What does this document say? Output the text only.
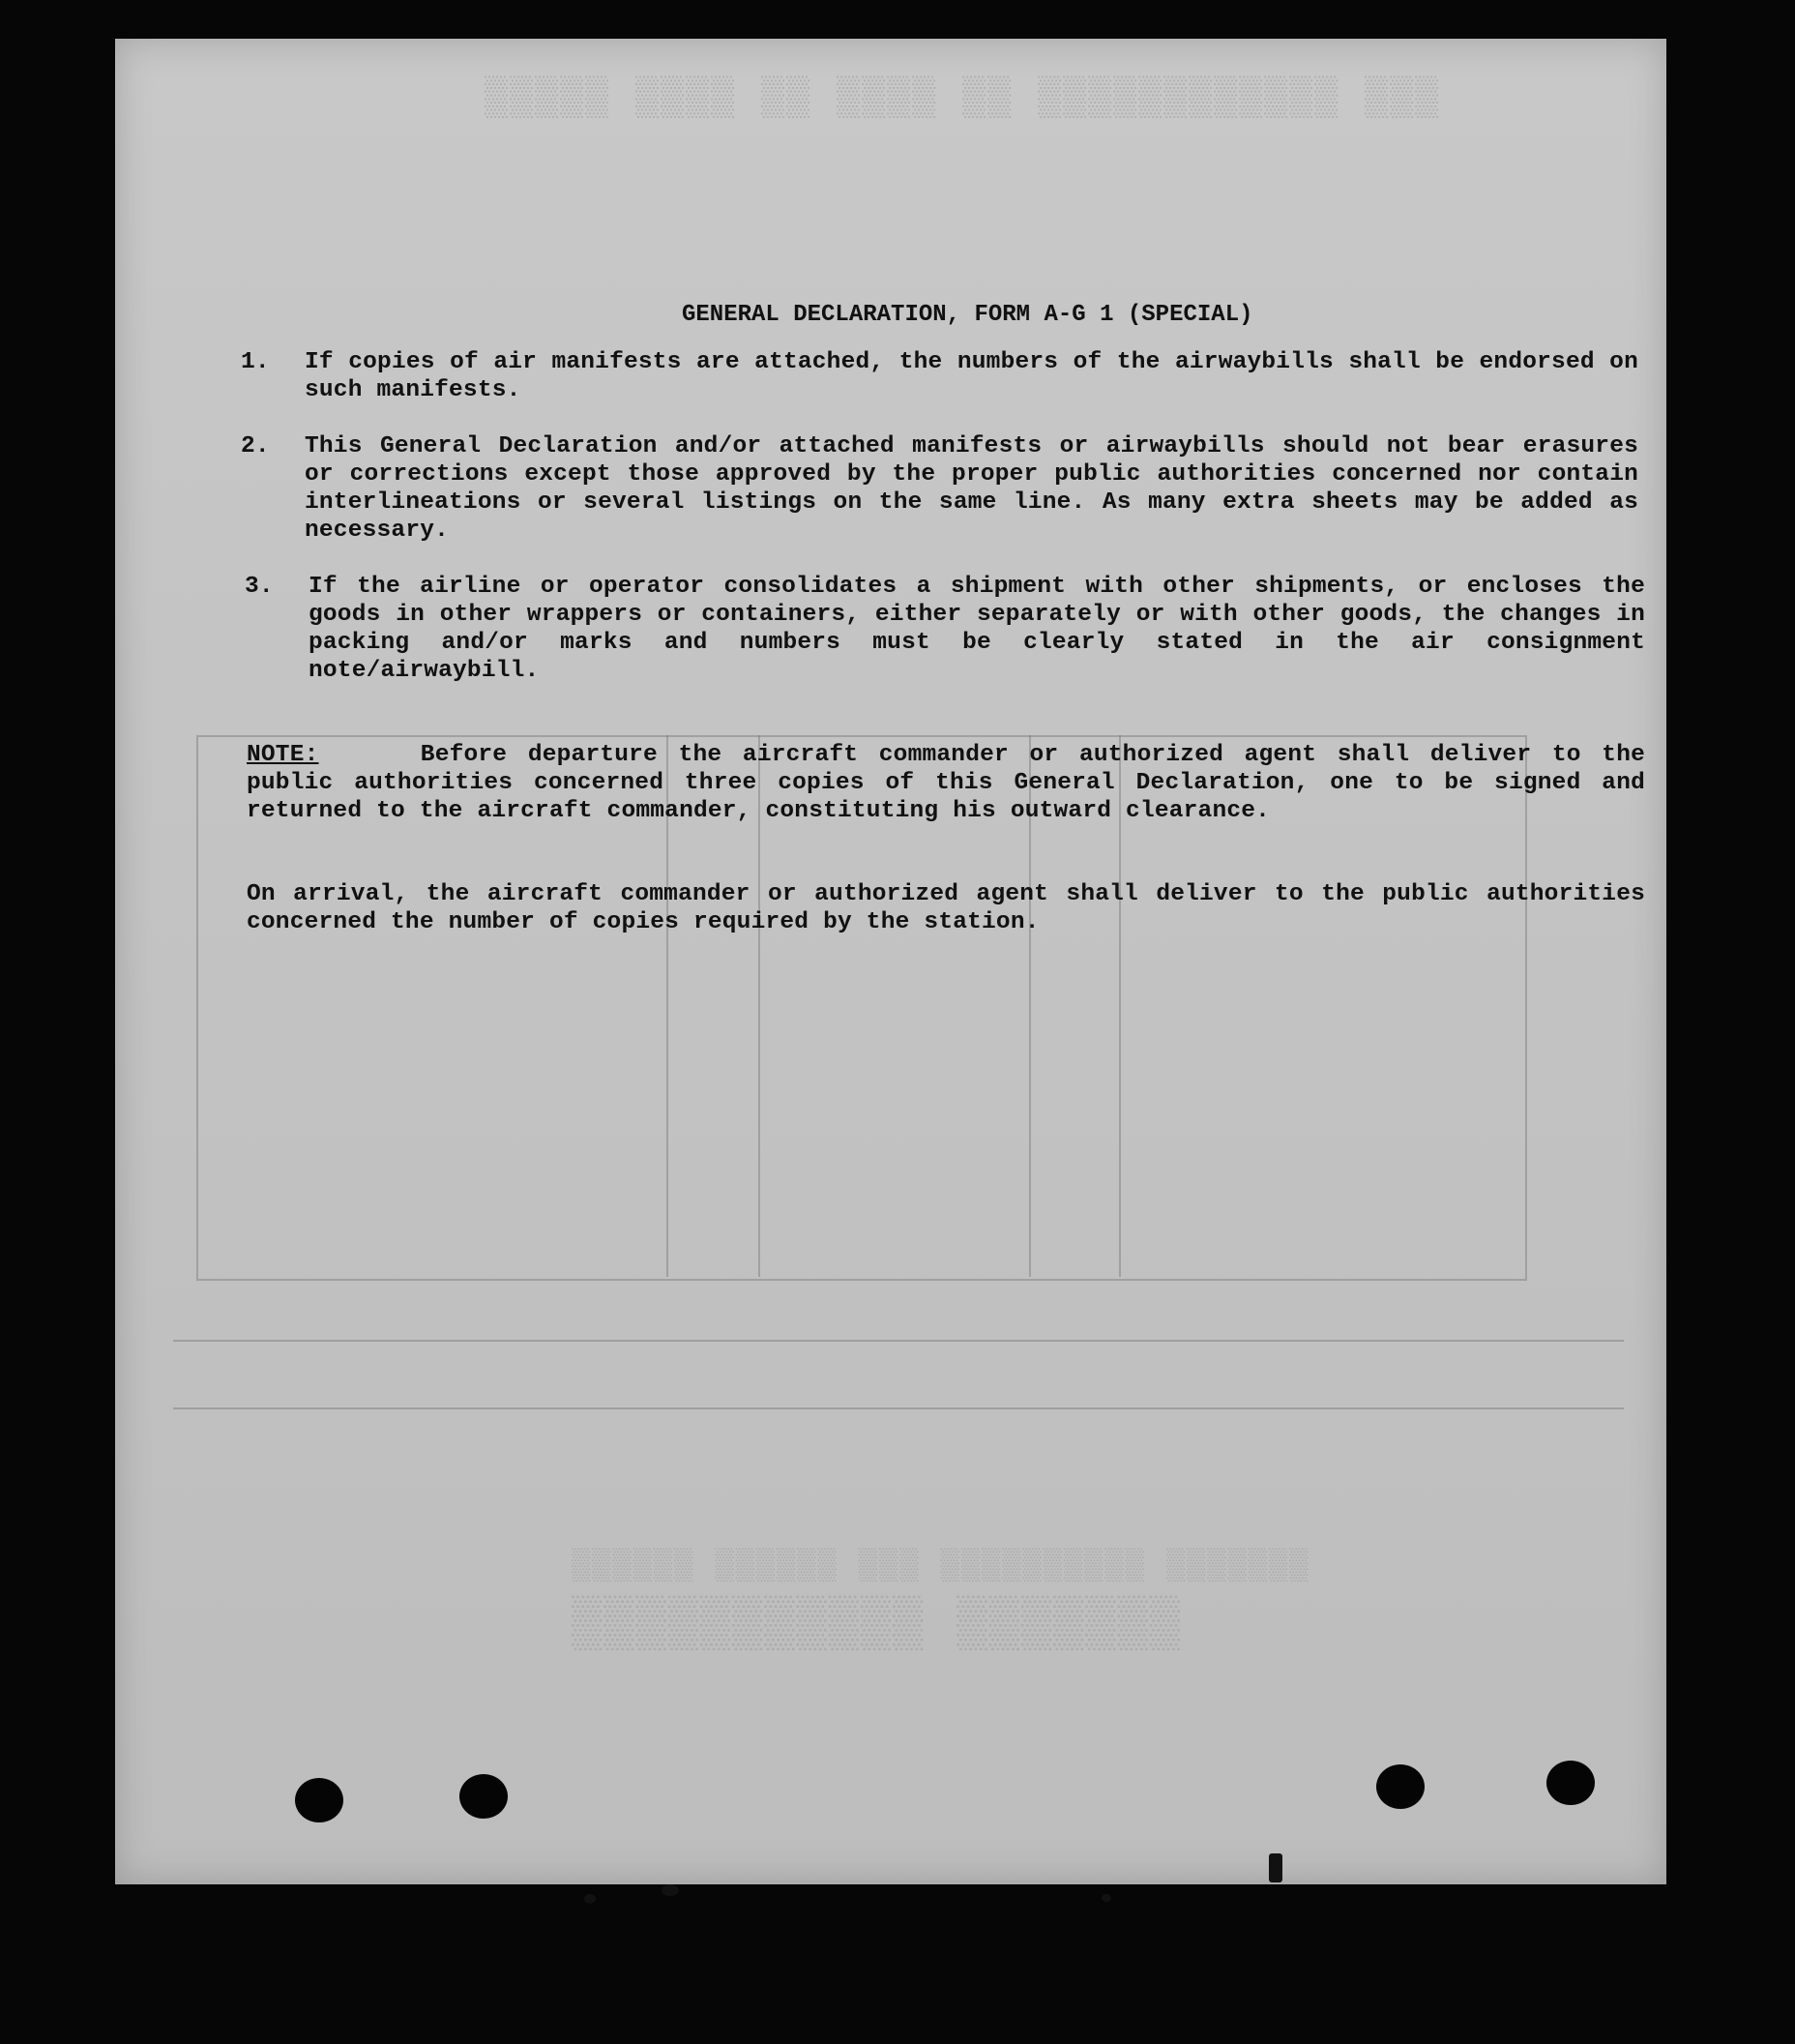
▒▒▒ ▒▒▒▒▒▒▒▒▒▒▒▒ ▒▒ ▒▒▒▒ ▒▒ ▒▒▒▒ ▒▒▒▒▒
▒▒▒▒▒▒▒ ▒▒▒▒▒▒▒▒▒▒▒
▒▒▒▒▒▒▒ ▒▒▒▒▒▒▒▒▒▒ ▒▒▒ ▒▒▒▒▒▒ ▒▒▒▒▒▒
GENERAL DECLARATION, FORM A-G 1 (SPECIAL)
1.	If copies of air manifests are attached, the numbers of the airwaybills shall be endorsed on such manifests.
2.	This General Declaration and/or attached manifests or airwaybills should not bear erasures or corrections except those approved by the proper public authorities concerned nor contain interlineations or several listings on the same line. As many extra sheets may be added as necessary.
3.	If the airline or operator consolidates a shipment with other shipments, or encloses the goods in other wrappers or containers, either separately or with other goods, the changes in packing and/or marks and numbers must be clearly stated in the air consignment note/airwaybill.
NOTE:	Before departure the aircraft commander or authorized agent shall deliver to the public authorities concerned three copies of this General Declaration, one to be signed and returned to the aircraft commander, constituting his outward clearance.
On arrival, the aircraft commander or authorized agent shall deliver to the public authorities concerned the number of copies required by the station.
